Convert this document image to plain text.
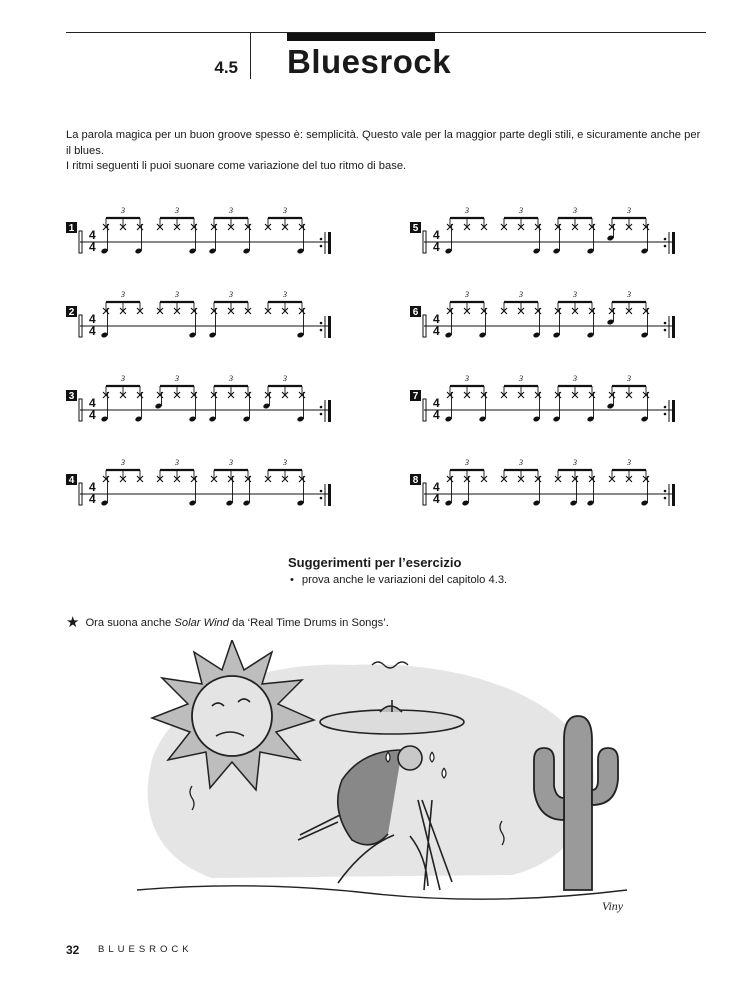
4.5 Bluesrock

La parola magica per un buon groove spesso è: semplicità. Questo vale per la maggior parte degli stili, e sicuramente anche per il blues.

I ritmi seguenti li puoi suonare come variazione del tuo ritmo di base.

1 4
4
3	3	3	3
2 4
4
3	3	3	3
3 4
4
3	3	3	3
4 4
4
3	3	3	3
5 4
4
3	3	3	3
6 4
4
3	3	3	3
7 4
4
3	3	3	3
8 4
4
3	3	3	3
Suggerimenti per l’esercizio
• prova anche le variazioni del capitolo 4.3.
★ Ora suona anche Solar Wind da ‘Real Time Drums in Songs’.
Viny
32 BLUESROCK
